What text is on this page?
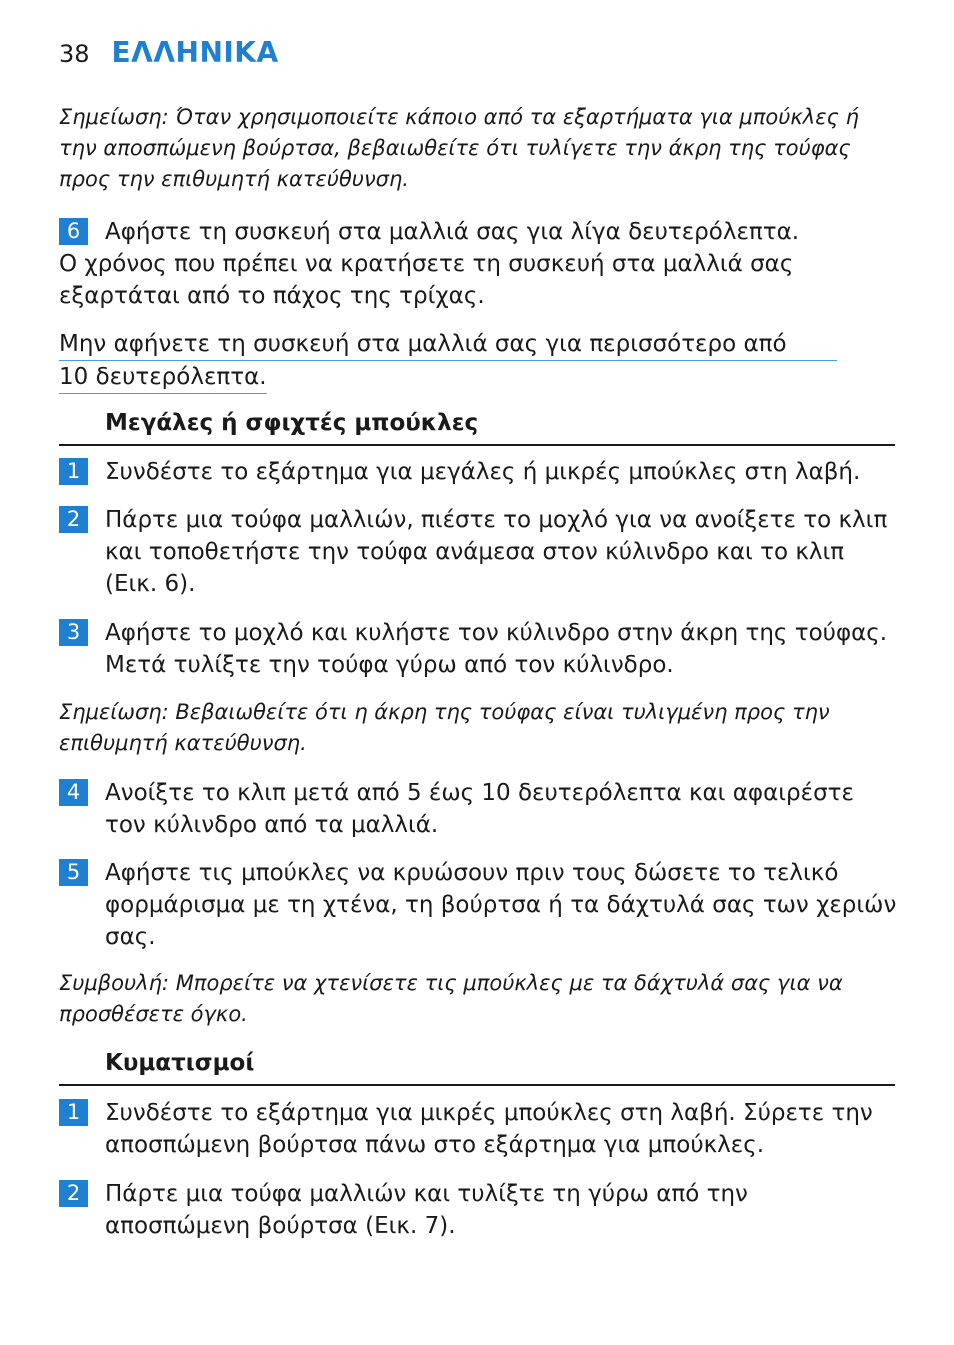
38 ΕΛΛΗΝΙΚΑ
Σημείωση: Όταν χρησιμοποιείτε κάποιο από τα εξαρτήματα για μπούκλες ή την αποσπώμενη βούρτσα, βεβαιωθείτε ότι τυλίγετε την άκρη της τούφας προς την επιθυμητή κατεύθυνση.
6	Αφήστε τη συσκευή στα μαλλιά σας για λίγα δευτερόλεπτα.
Ο χρόνος που πρέπει να κρατήσετε τη συσκευή στα μαλλιά σας εξαρτάται από το πάχος της τρίχας.
Μην αφήνετε τη συσκευή στα μαλλιά σας για περισσότερο από
10 δευτερόλεπτα.
Μεγάλες ή σφιχτές μπούκλες
1	Συνδέστε το εξάρτημα για μεγάλες ή μικρές μπούκλες στη λαβή.
2	Πάρτε μια τούφα μαλλιών, πιέστε το μοχλό για να ανοίξετε το κλιπ και τοποθετήστε την τούφα ανάμεσα στον κύλινδρο και το κλιπ (Εικ. 6).
3	Αφήστε το μοχλό και κυλήστε τον κύλινδρο στην άκρη της τούφας. Μετά τυλίξτε την τούφα γύρω από τον κύλινδρο.
Σημείωση: Βεβαιωθείτε ότι η άκρη της τούφας είναι τυλιγμένη προς την επιθυμητή κατεύθυνση.
4	Ανοίξτε το κλιπ μετά από 5 έως 10 δευτερόλεπτα και αφαιρέστε τον κύλινδρο από τα μαλλιά.
5	Αφήστε τις μπούκλες να κρυώσουν πριν τους δώσετε το τελικό φορμάρισμα με τη χτένα, τη βούρτσα ή τα δάχτυλά σας των χεριών σας.
Συμβουλή: Μπορείτε να χτενίσετε τις μπούκλες με τα δάχτυλά σας για να προσθέσετε όγκο.
Κυματισμοί
1	Συνδέστε το εξάρτημα για μικρές μπούκλες στη λαβή. Σύρετε την αποσπώμενη βούρτσα πάνω στο εξάρτημα για μπούκλες.
2	Πάρτε μια τούφα μαλλιών και τυλίξτε τη γύρω από την αποσπώμενη βούρτσα (Εικ. 7).
